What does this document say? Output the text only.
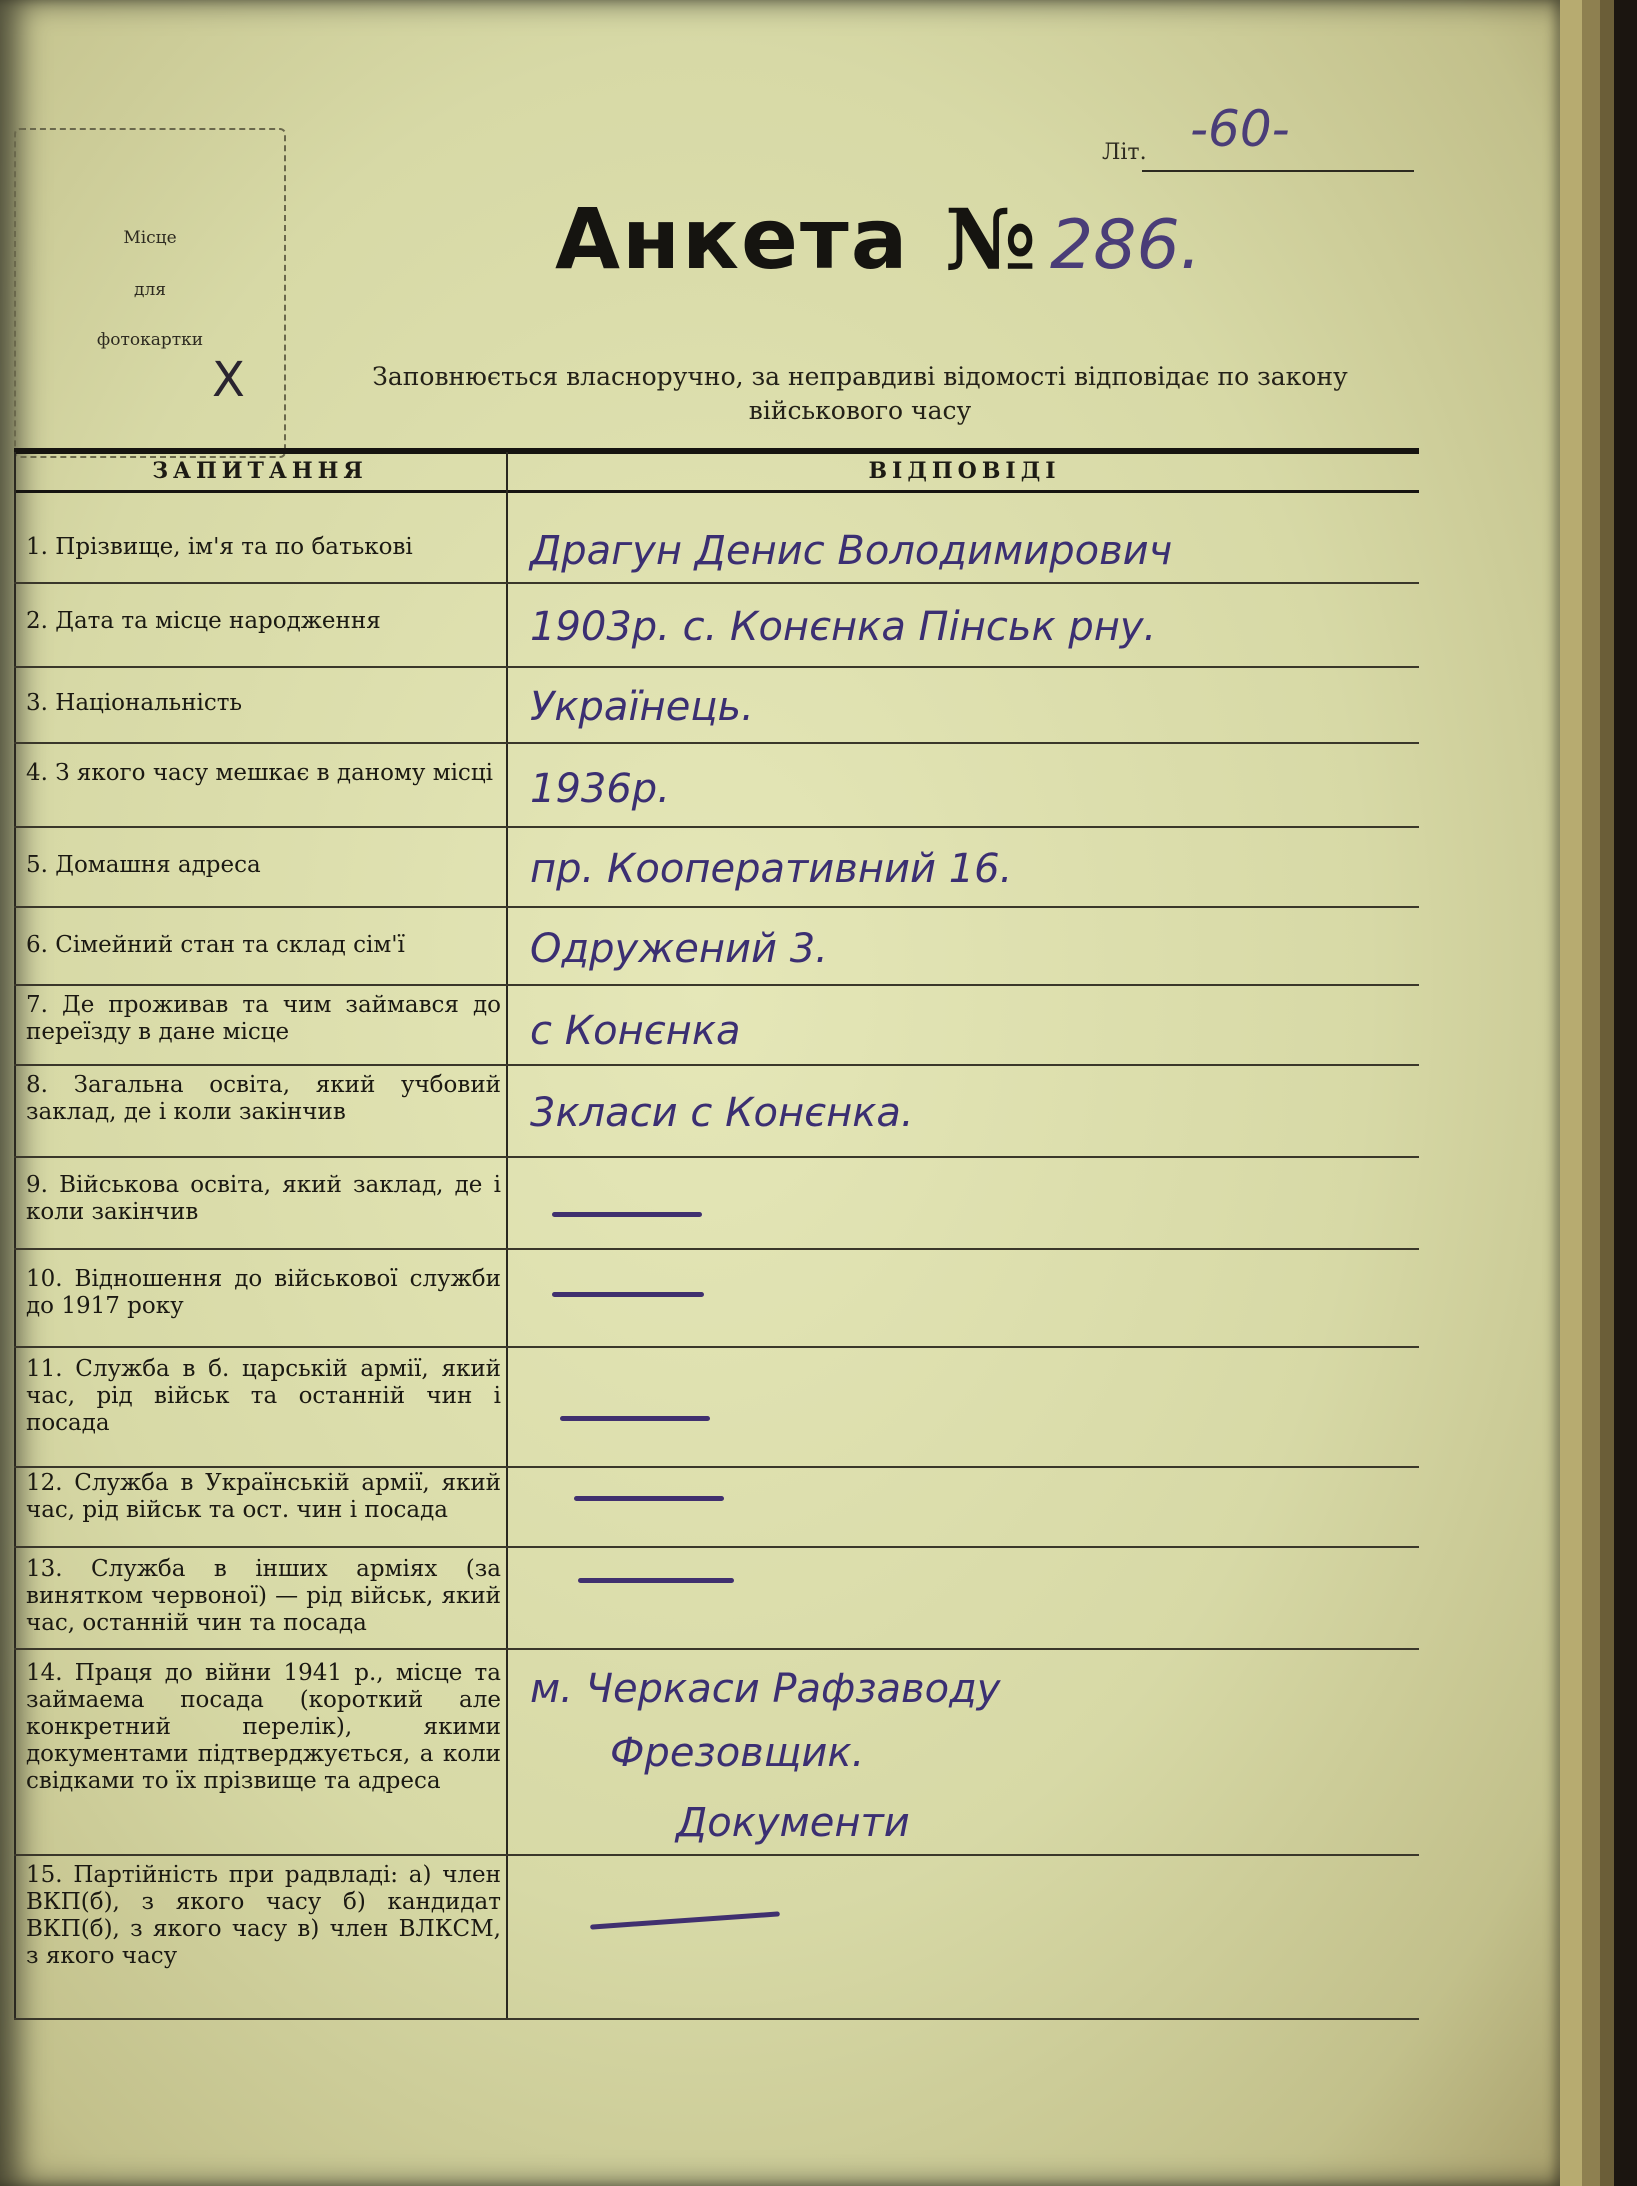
Місце
для
фотокартки
X
Літ. -60-
Анкета № 286.
Заповнюється власноручно, за неправдиві відомості відповідає по закону військового часу
ЗАПИТАННЯ	ВІДПОВІДІ
1. Прізвище, ім'я та по батькові
2. Дата та місце народження
3. Національність
4. З якого часу мешкає в даному місці
5. Домашня адреса
6. Сімейний стан та склад сім'ї
7. Де проживав та чим займався до переїзду в дане місце
8. Загальна освіта, який учбовий заклад, де і коли закінчив
9. Військова освіта, який заклад, де і коли закінчив
10. Відношення до військової служби до 1917 року
11. Служба в б. царській армії, який час, рід військ та останній чин і посада
12. Служба в Українській армії, який час, рід військ та ост. чин і посада
13. Служба в інших арміях (за винятком червоної) — рід військ, який час, останній чин та посада
14. Праця до війни 1941 р., місце та займаема посада (короткий але конкретний перелік), якими документами підтверджується, а коли свідками то їх прізвище та адреса
15. Партійність при радвладі: а) член ВКП(б), з якого часу б) кандидат ВКП(б), з якого часу в) член ВЛКСМ, з якого часу
Драгун Денис Володимирович
1903р. с. Конєнка Пінськ рну.
Українець.
1936р.
пр. Кооперативний 16.
Одружений 3.
с Конєнка
3класи с Конєнка.
м. Черкаси Рафзаводу
Фрезовщик.
Документи
